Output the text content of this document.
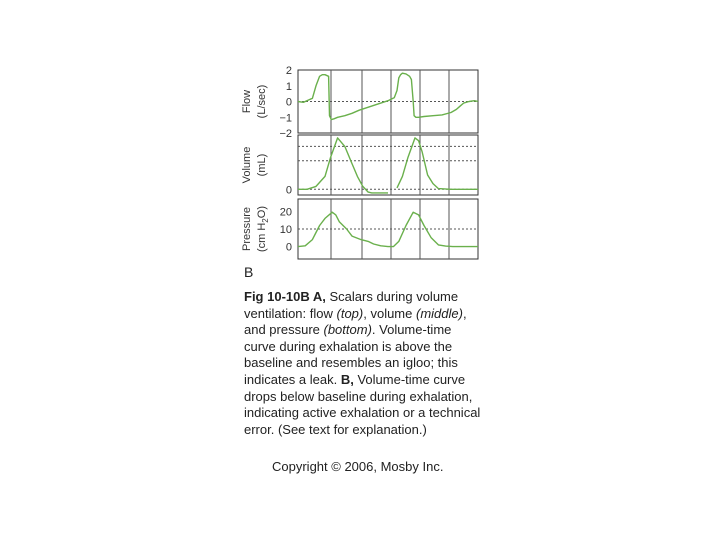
2
1
0
−1
−2
Flow (L/sec)
0
Volume (mL)
20
10
0
Pressure (cm $H_2O$)
B

Fig 10-10B A, Scalars during volume ventilation: flow (top), volume (middle), and pressure (bottom). Volume-time curve during exhalation is above the baseline and resembles an igloo; this indicates a leak. B, Volume-time curve drops below baseline during exhalation, indicating active exhalation or a technical error. (See text for explanation.)

Copyright © 2006, Mosby Inc.
